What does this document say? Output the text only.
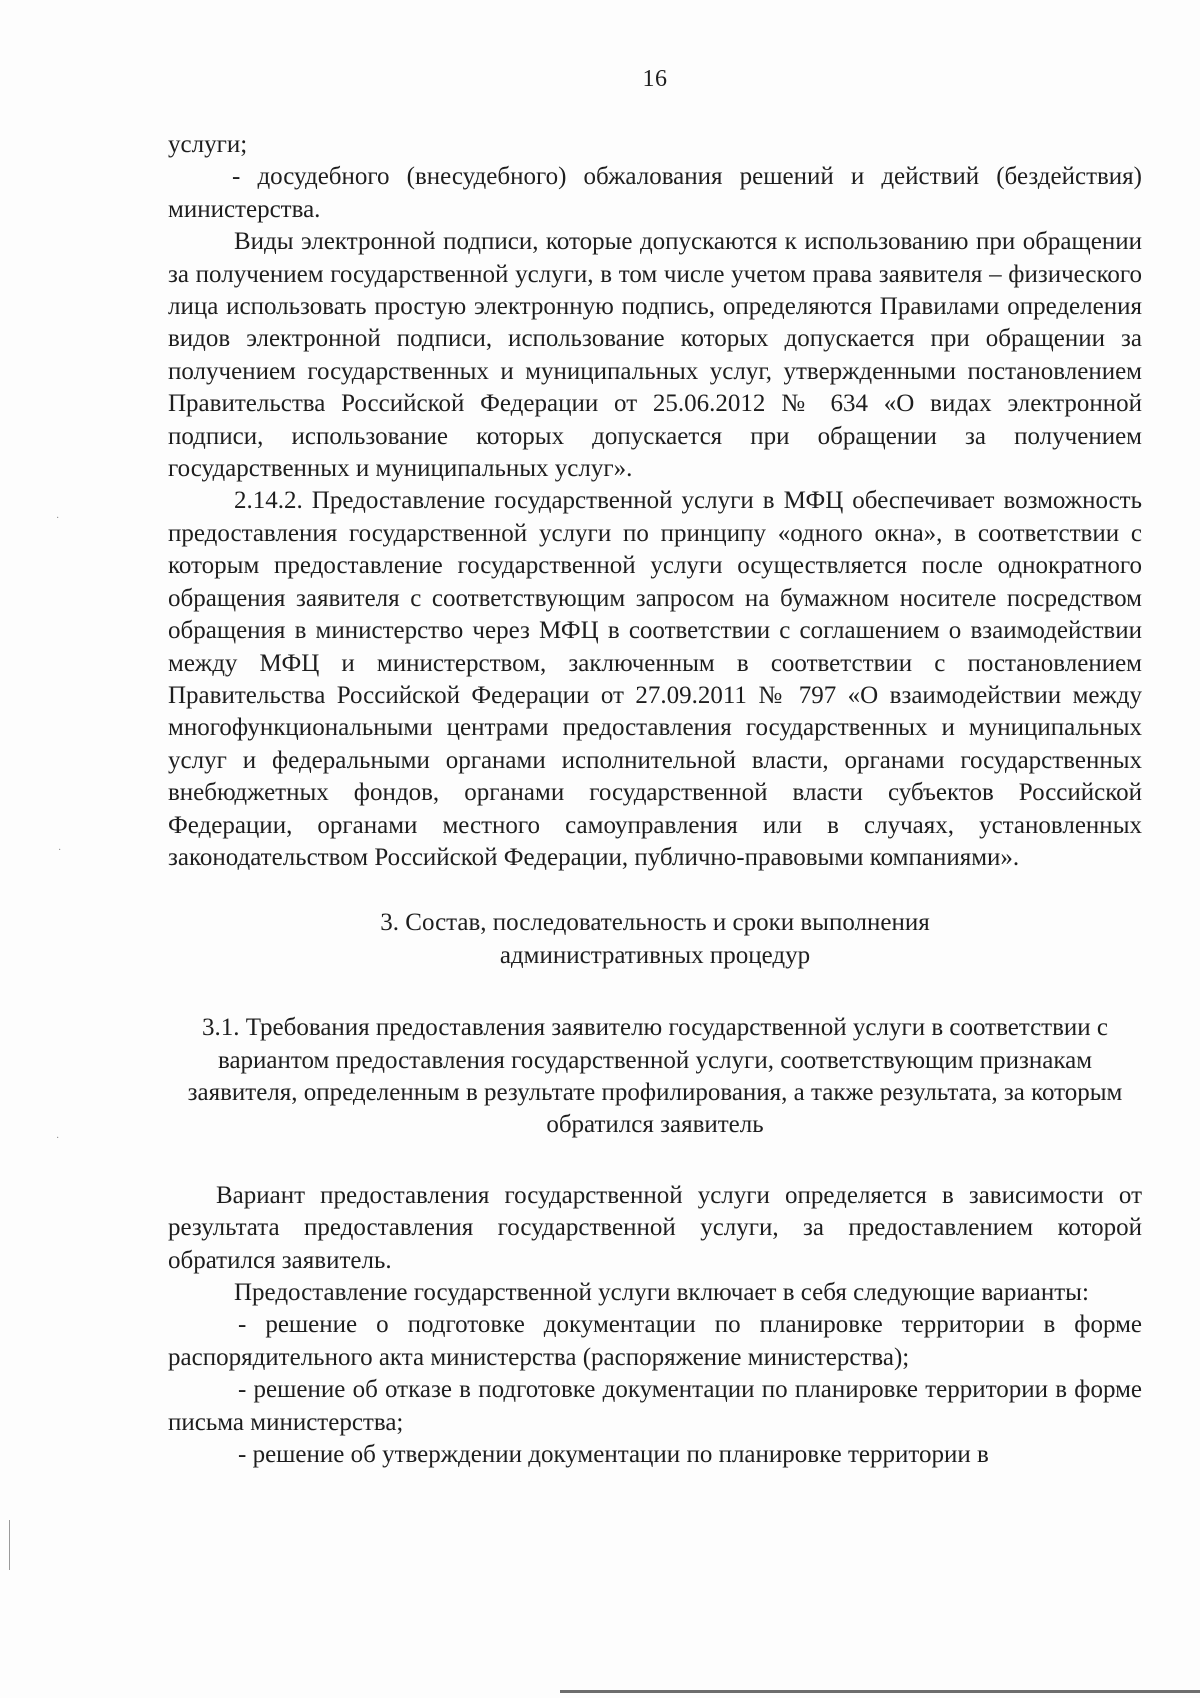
16
·
·
·

услуги;

- досудебного (внесудебного) обжалования решений и действий (бездействия) министерства.

Виды электронной подписи, которые допускаются к использованию при обращении за получением государственной услуги, в том числе учетом права заявителя – физического лица использовать простую электронную подпись, определяются Правилами определения видов электронной подписи, использование которых допускается при обращении за получением государственных и муниципальных услуг, утвержденными постановлением Правительства Российской Федерации от 25.06.2012 № 634 «О видах электронной подписи, использование которых допускается при обращении за получением государственных и муниципальных услуг».

2.14.2. Предоставление государственной услуги в МФЦ обеспечивает возможность предоставления государственной услуги по принципу «одного окна», в соответствии с которым предоставление государственной услуги осуществляется после однократного обращения заявителя с соответствующим запросом на бумажном носителе посредством обращения в министерство через МФЦ в соответствии с соглашением о взаимодействии между МФЦ и министерством, заключенным в соответствии с постановлением Правительства Российской Федерации от 27.09.2011 № 797 «О взаимодействии между многофункциональными центрами предоставления государственных и муниципальных услуг и федеральными органами исполнительной власти, органами государственных внебюджетных фондов, органами государственной власти субъектов Российской Федерации, органами местного самоуправления или в случаях, установленных законодательством Российской Федерации, публично-правовыми компаниями».

3. Состав, последовательность и сроки выполнения
административных процедур

3.1. Требования предоставления заявителю государственной услуги в соответствии с вариантом предоставления государственной услуги, соответствующим признакам заявителя, определенным в результате профилирования, а также результата, за которым обратился заявитель

Вариант предоставления государственной услуги определяется в зависимости от результата предоставления государственной услуги, за предоставлением которой обратился заявитель.

Предоставление государственной услуги включает в себя следующие варианты:

- решение о подготовке документации по планировке территории в форме распорядительного акта министерства (распоряжение министерства);

- решение об отказе в подготовке документации по планировке территории в форме письма министерства;

- решение об утверждении документации по планировке территории в
